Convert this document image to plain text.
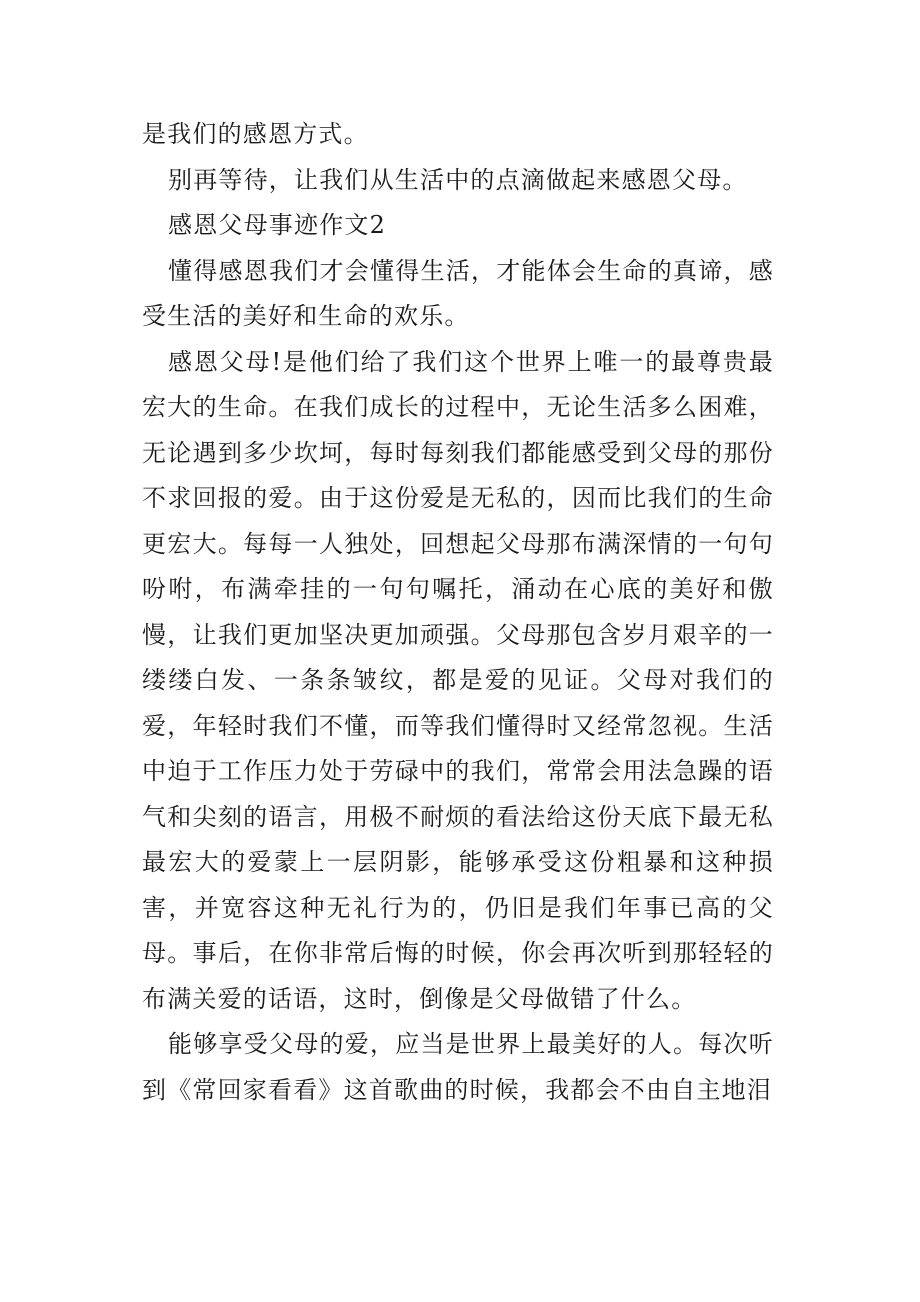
是我们的感恩方式。

别再等待，让我们从生活中的点滴做起来感恩父母。

感恩父母事迹作文2

懂得感恩我们才会懂得生活，才能体会生命的真谛，感受生活的美好和生命的欢乐。

感恩父母!是他们给了我们这个世界上唯一的最尊贵最宏大的生命。在我们成长的过程中，无论生活多么困难，无论遇到多少坎坷，每时每刻我们都能感受到父母的那份不求回报的爱。由于这份爱是无私的，因而比我们的生命更宏大。每每一人独处，回想起父母那布满深情的一句句吩咐，布满牵挂的一句句嘱托，涌动在心底的美好和傲慢，让我们更加坚决更加顽强。父母那包含岁月艰辛的一缕缕白发、一条条皱纹，都是爱的见证。父母对我们的爱，年轻时我们不懂，而等我们懂得时又经常忽视。生活中迫于工作压力处于劳碌中的我们，常常会用法急躁的语气和尖刻的语言，用极不耐烦的看法给这份天底下最无私最宏大的爱蒙上一层阴影，能够承受这份粗暴和这种损害，并宽容这种无礼行为的，仍旧是我们年事已高的父母。事后，在你非常后悔的时候，你会再次听到那轻轻的布满关爱的话语，这时，倒像是父母做错了什么。

能够享受父母的爱，应当是世界上最美好的人。每次听到《常回家看看》这首歌曲的时候，我都会不由自主地泪
